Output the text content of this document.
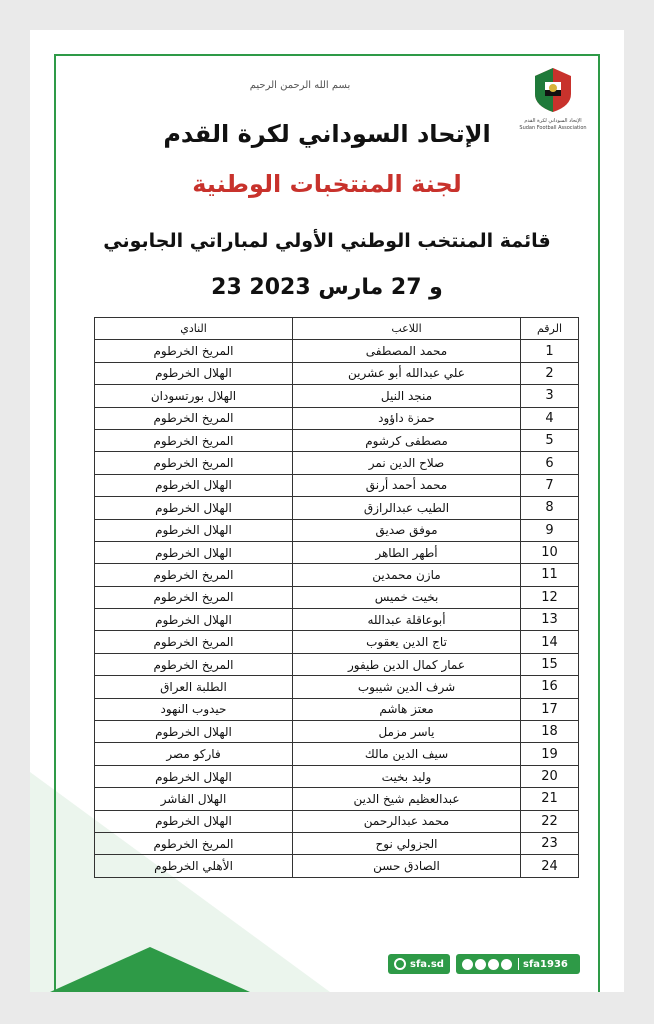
الإتحاد السوداني لكرة القدم
Sudan Football Association
بسم الله الرحمن الرحيم
الإتحاد السوداني لكرة القدم
لجنة المنتخبات الوطنية
قائمة المنتخب الوطني الأولي لمباراتي الجابوني
23 و 27 مارس 2023
الرقم	اللاعب	النادي
1	محمد المصطفى	المريخ الخرطوم
2	علي عبدالله أبو عشرين	الهلال الخرطوم
3	منجد النيل	الهلال بورتسودان
4	حمزة داؤود	المريخ الخرطوم
5	مصطفى كرشوم	المريخ الخرطوم
6	صلاح الدين نمر	المريخ الخرطوم
7	محمد أحمد أرنق	الهلال الخرطوم
8	الطيب عبدالرازق	الهلال الخرطوم
9	موفق صديق	الهلال الخرطوم
10	أطهر الطاهر	الهلال الخرطوم
11	مازن محمدين	المريخ الخرطوم
12	بخيت خميس	المريخ الخرطوم
13	أبوعاقلة عبدالله	الهلال الخرطوم
14	تاج الدين يعقوب	المريخ الخرطوم
15	عمار كمال الدين طيفور	المريخ الخرطوم
16	شرف الدين شيبوب	الطلبة العراق
17	معتز هاشم	حيدوب النهود
18	ياسر مزمل	الهلال الخرطوم
19	سيف الدين مالك	فاركو مصر
20	وليد بخيت	الهلال الخرطوم
21	عبدالعظيم شيخ الدين	الهلال الفاشر
22	محمد عبدالرحمن	الهلال الخرطوم
23	الجزولي نوح	المريخ الخرطوم
24	الصادق حسن	الأهلي الخرطوم
sfa.sd	sfa1936
